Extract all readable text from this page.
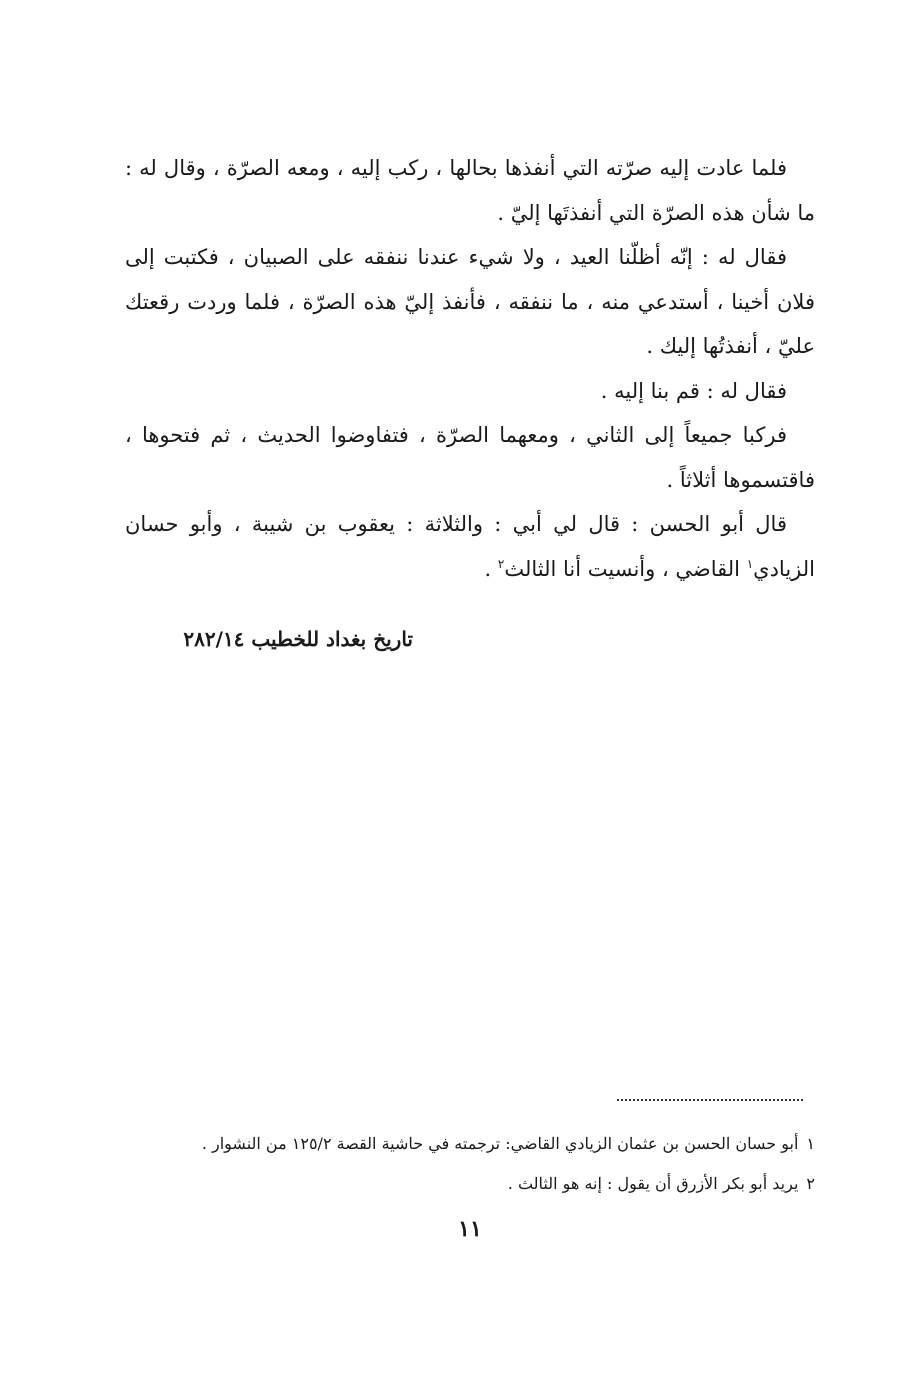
فلما عادت إليه صرّته التي أنفذها بحالها ، ركب إليه ، ومعه الصرّة ، وقال له : ما شأن هذه الصرّة التي أنفذتَها إليّ .

فقال له : إنّه أظلّنا العيد ، ولا شيء عندنا ننفقه على الصبيان ، فكتبت إلى فلان أخينا ، أستدعي منه ، ما ننفقه ، فأنفذ إليّ هذه الصرّة ، فلما وردت رقعتك عليّ ، أنفذتُها إليك .

فقال له : قم بنا إليه .

فركبا جميعاً إلى الثاني ، ومعهما الصرّة ، فتفاوضوا الحديث ، ثم فتحوها ، فاقتسموها أثلاثاً .

قال أبو الحسن : قال لي أبي : والثلاثة : يعقوب بن شيبة ، وأبو حسان الزيادي$^١$ القاضي ، وأنسيت أنا الثالث$^٢$ .

تاريخ بغداد للخطيب ٢٨٢/١٤
١أبو حسان الحسن بن عثمان الزيادي القاضي: ترجمته في حاشية القصة ١٢٥/٢ من النشوار .
٢يريد أبو بكر الأزرق أن يقول : إنه هو الثالث .
١١
